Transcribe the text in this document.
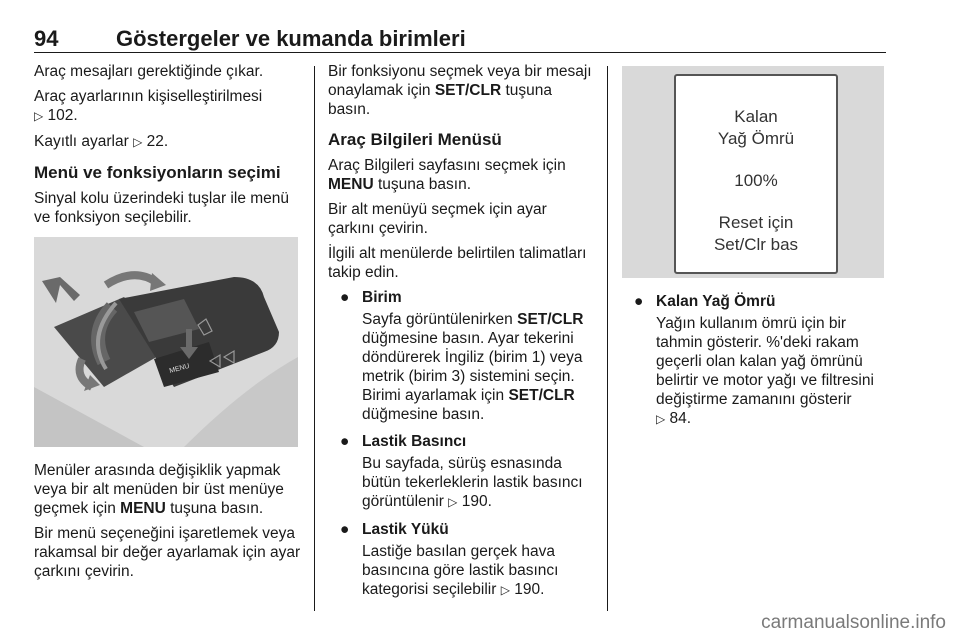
94	Göstergeler ve kumanda birimleri

Araç mesajları gerektiğinde çıkar.

Araç ayarlarının kişiselleştirilmesi
▷ 102.

Kayıtlı ayarlar ▷ 22.

Menü ve fonksiyonların seçimi

Sinyal kolu üzerindeki tuşlar ile menü ve fonksiyon seçilebilir.

MENU

Menüler arasında değişiklik yapmak veya bir alt menüden bir üst menüye geçmek için MENU tuşuna basın.

Bir menü seçeneğini işaretlemek veya rakamsal bir değer ayarlamak için ayar çarkını çevirin.

Bir fonksiyonu seçmek veya bir mesajı onaylamak için SET/CLR tuşuna basın.

Araç Bilgileri Menüsü

Araç Bilgileri sayfasını seçmek için MENU tuşuna basın.

Bir alt menüyü seçmek için ayar çarkını çevirin.

İlgili alt menülerde belirtilen talimatları takip edin.

● Birim
Sayfa görüntülenirken SET/CLR düğmesine basın. Ayar tekerini döndürerek İngiliz (birim 1) veya metrik (birim 3) sistemini seçin. Birimi ayarlamak için SET/CLR düğmesine basın.
● Lastik Basıncı
Bu sayfada, sürüş esnasında bütün tekerleklerin lastik basıncı görüntülenir ▷ 190.
● Lastik Yükü
Lastiğe basılan gerçek hava basıncına göre lastik basıncı kategorisi seçilebilir ▷ 190.
Kalan
Yağ Ömrü
100%
Reset için
Set/Clr bas
● Kalan Yağ Ömrü
Yağın kullanım ömrü için bir tahmin gösterir. %'deki rakam geçerli olan kalan yağ ömrünü belirtir ve motor yağı ve filtresini değiştirme zamanını gösterir
▷ 84.
carmanualsonline.info
